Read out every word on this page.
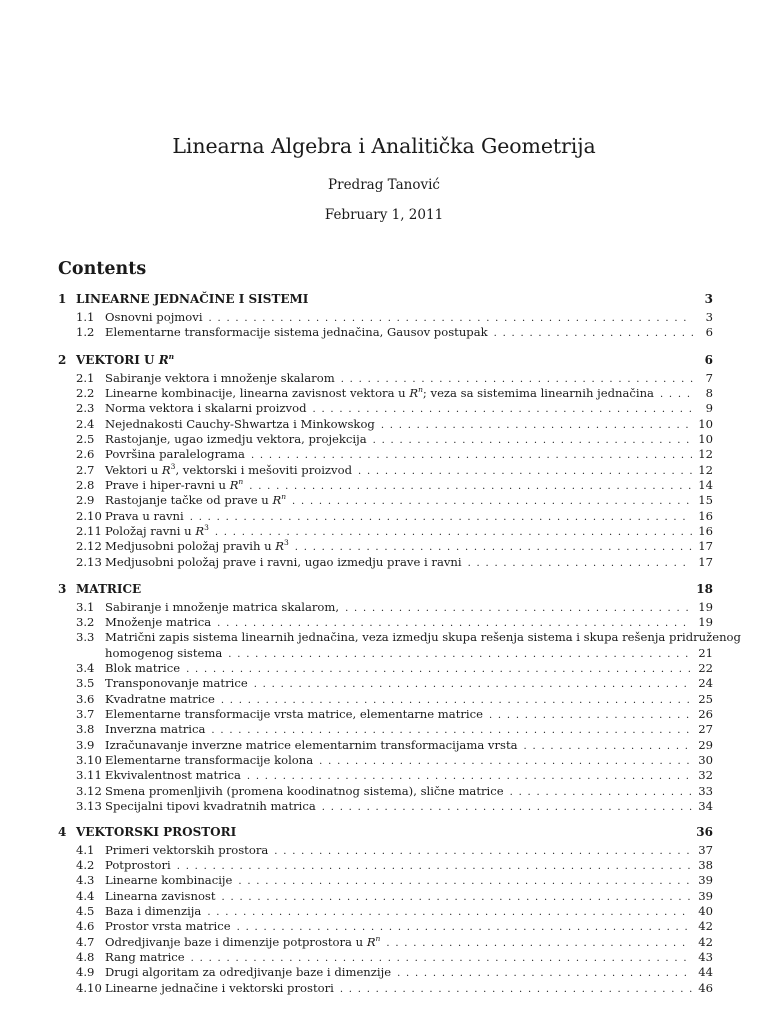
Linearna Algebra i Analitička Geometrija
Predrag Tanović
February 1, 2011
Contents
1 LINEARNE JEDNAČINE I SISTEMI	3
1.1 Osnovni pojmovi . . .	3
1.2 Elementarne transformacije sistema jednačina, Gausov postupak . . .	6
2 VEKTORI U $R^n$	6
2.1 Sabiranje vektora i množenje skalarom . . .	7
2.2 Linearne kombinacije, linearna zavisnost vektora u $R^n$; veza sa sistemima linearnih jednačina . . .	8
2.3 Norma vektora i skalarni proizvod . . .	9
2.4 Nejednakosti Cauchy-Shwartza i Minkowskog . . .	10
2.5 Rastojanje, ugao izmedju vektora, projekcija . . .	10
2.6 Površina paralelograma . . .	12
2.7 Vektori u $R^3$, vektorski i mešoviti proizvod . . .	12
2.8 Prave i hiper-ravni u $R^n$ . . .	14
2.9 Rastojanje tačke od prave u $R^n$ . . .	15
2.10 Prava u ravni . . .	16
2.11 Položaj ravni u $R^3$ . . .	16
2.12 Medjusobni položaj pravih u $R^3$ . . .	17
2.13 Medjusobni položaj prave i ravni, ugao izmedju prave i ravni . . .	17
3 MATRICE	18
3.1 Sabiranje i množenje matrica skalarom, . . .	19
3.2 Množenje matrica . . .	19
3.3 Matrični zapis sistema linearnih jednačina, veza izmedju skupa rešenja sistema i skupa rešenja pridruženog
homogenog sistema . . .	21
3.4 Blok matrice . . .	22
3.5 Transponovanje matrice . . .	24
3.6 Kvadratne matrice . . .	25
3.7 Elementarne transformacije vrsta matrice, elementarne matrice . . .	26
3.8 Inverzna matrica . . .	27
3.9 Izračunavanje inverzne matrice elementarnim transformacijama vrsta . . .	29
3.10 Elementarne transformacije kolona . . .	30
3.11 Ekvivalentnost matrica . . .	32
3.12 Smena promenljivih (promena koodinatnog sistema), slične matrice . . .	33
3.13 Specijalni tipovi kvadratnih matrica . . .	34
4 VEKTORSKI PROSTORI	36
4.1 Primeri vektorskih prostora . . .	37
4.2 Potprostori . . .	38
4.3 Linearne kombinacije . . .	39
4.4 Linearna zavisnost . . .	39
4.5 Baza i dimenzija . . .	40
4.6 Prostor vrsta matrice . . .	42
4.7 Odredjivanje baze i dimenzije potprostora u $R^n$ . . .	42
4.8 Rang matrice . . .	43
4.9 Drugi algoritam za odredjivanje baze i dimenzije . . .	44
4.10 Linearne jednačine i vektorski prostori . . .	46
